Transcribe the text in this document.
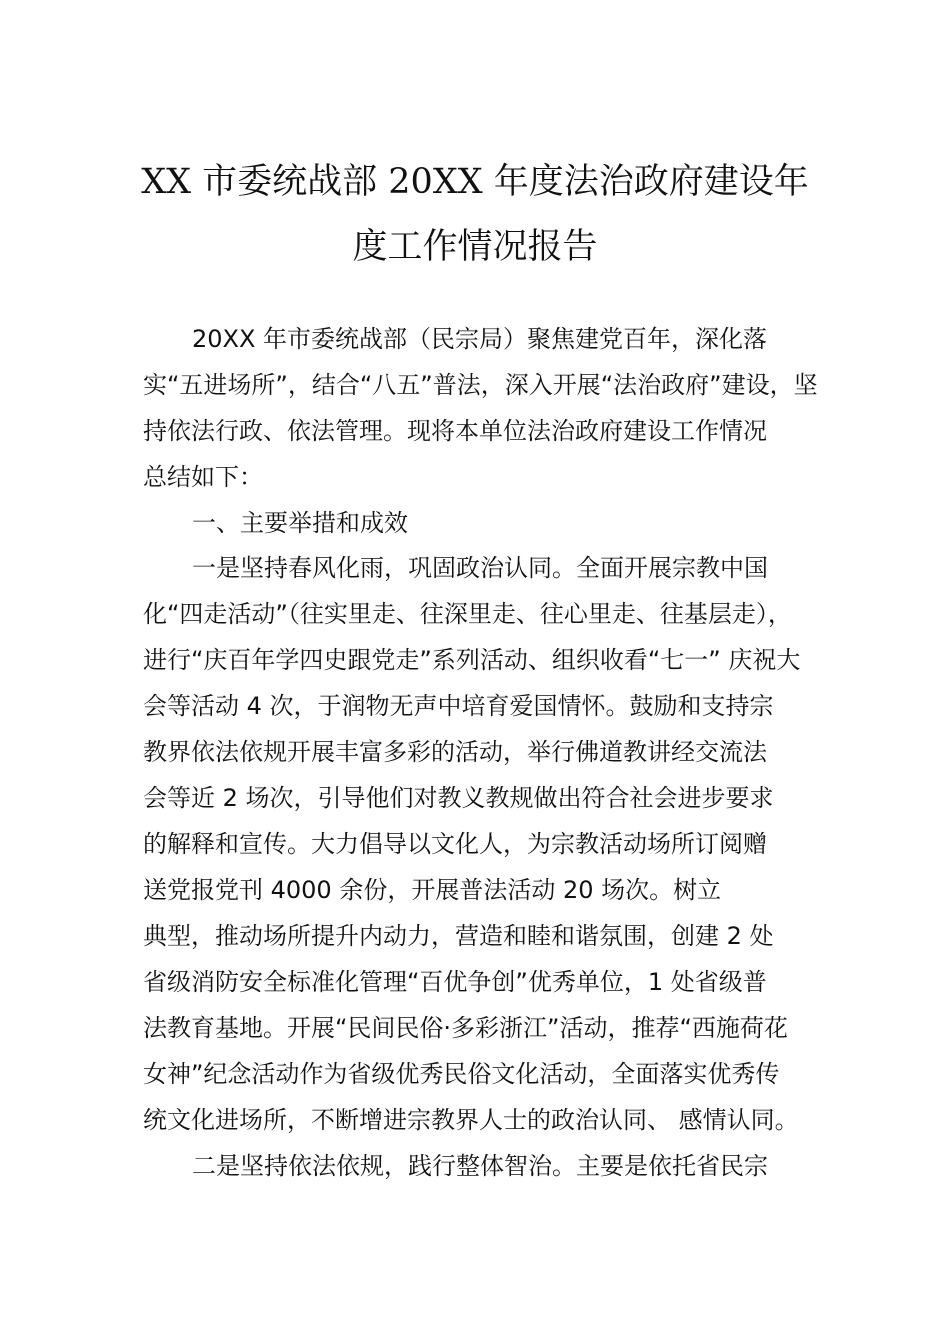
XX 市委统战部 20XX 年度法治政府建设年
度工作情况报告
20XX 年市委统战部（民宗局）聚焦建党百年，深化落
实“五进场所”，结合“八五”普法，深入开展“法治政府”建设，坚
持依法行政、依法管理。现将本单位法治政府建设工作情况
总结如下：
一、主要举措和成效
一是坚持春风化雨，巩固政治认同。全面开展宗教中国
化“四走活动”（往实里走、往深里走、往心里走、往基层走），
进行“庆百年学四史跟党走”系列活动、组织收看“七一” 庆祝大
会等活动 4 次，于润物无声中培育爱国情怀。鼓励和支持宗
教界依法依规开展丰富多彩的活动，举行佛道教讲经交流法
会等近 2 场次，引导他们对教义教规做出符合社会进步要求
的解释和宣传。大力倡导以文化人，为宗教活动场所订阅赠
送党报党刊 4000 余份，开展普法活动 20 场次。树立
典型，推动场所提升内动力，营造和睦和谐氛围，创建 2 处
省级消防安全标准化管理“百优争创”优秀单位，1 处省级普
法教育基地。开展“民间民俗·多彩浙江”活动，推荐“西施荷花
女神”纪念活动作为省级优秀民俗文化活动，全面落实优秀传
统文化进场所，不断增进宗教界人士的政治认同、 感情认同。
二是坚持依法依规，践行整体智治。主要是依托省民宗
